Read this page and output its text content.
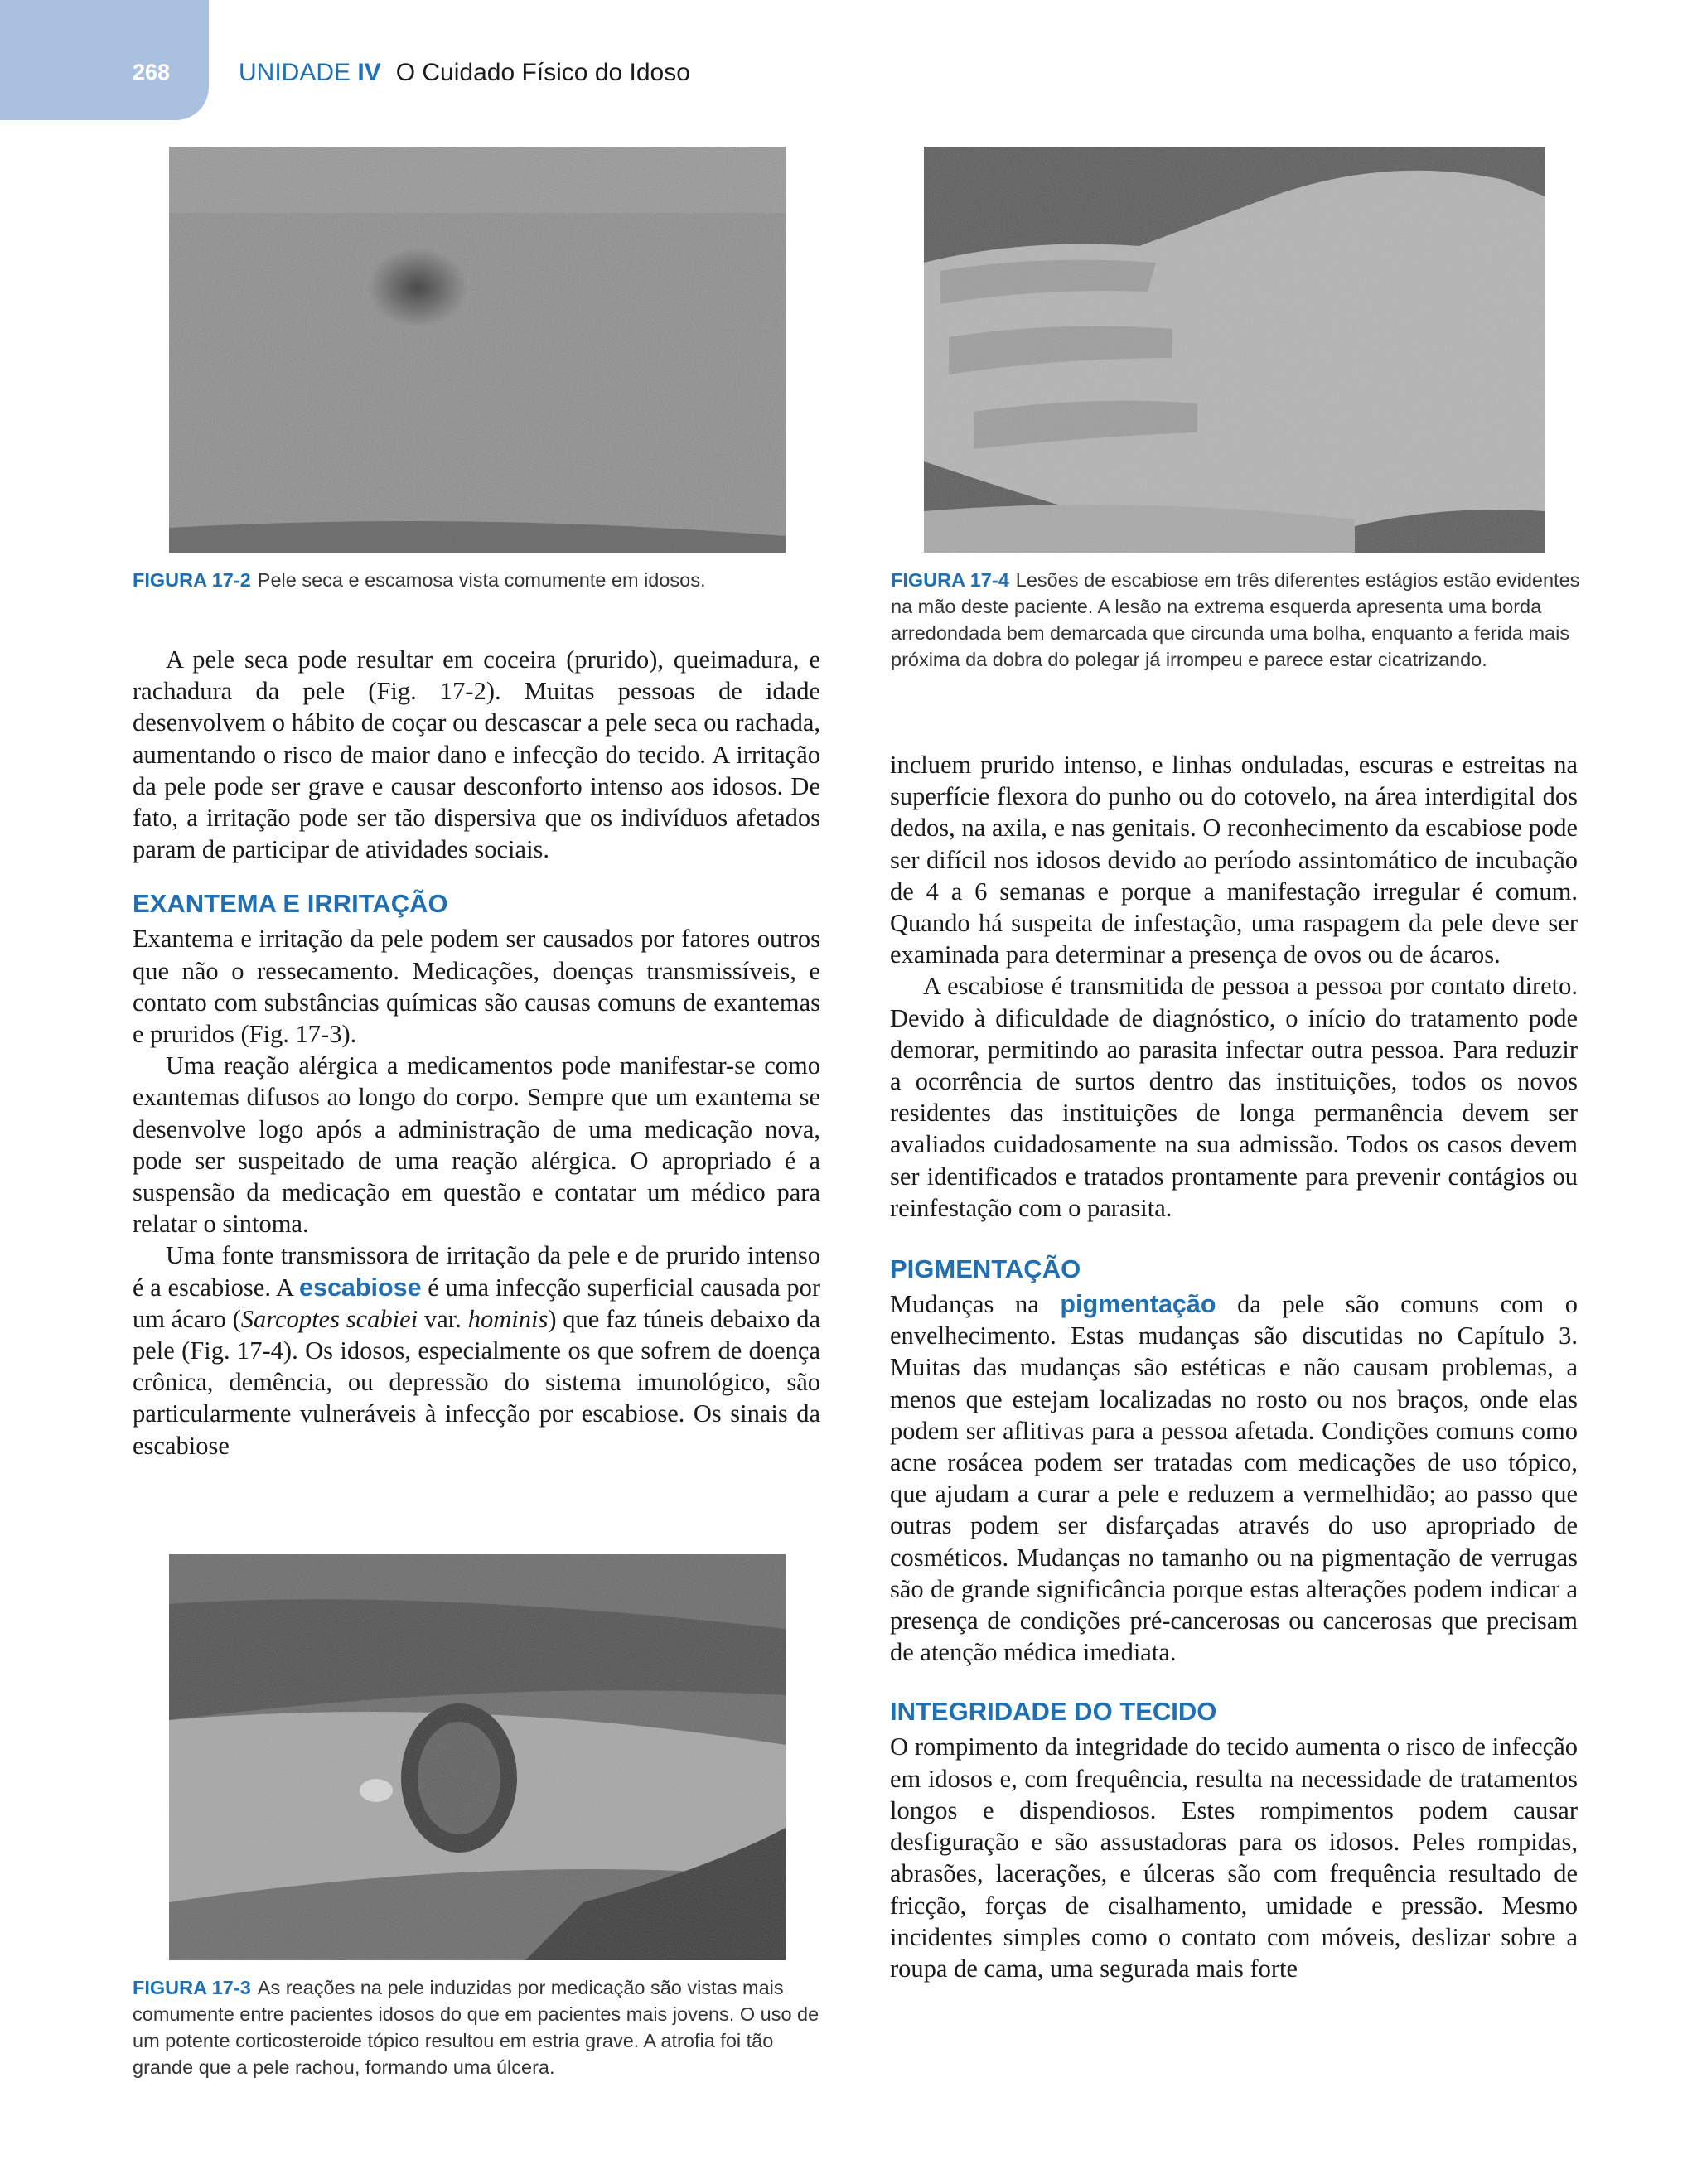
268	UNIDADE IV O Cuidado Físico do Idoso
FIGURA 17-2 Pele seca e escamosa vista comumente em idosos.	FIGURA 17-4 Lesões de escabiose em três diferentes estágios estão evidentes na mão deste paciente. A lesão na extrema esquerda apresenta uma borda arredondada bem demarcada que circunda uma bolha, enquanto a ferida mais próxima da dobra do polegar já irrompeu e parece estar cicatrizando.

A pele seca pode resultar em coceira (prurido), queimadura, e rachadura da pele (Fig. 17-2). Muitas pessoas de idade desenvolvem o hábito de coçar ou descascar a pele seca ou rachada, aumentando o risco de maior dano e infecção do tecido. A irritação da pele pode ser grave e causar desconforto intenso aos idosos. De fato, a irritação pode ser tão dispersiva que os indivíduos afetados param de participar de atividades sociais.

EXANTEMA E IRRITAÇÃO

Exantema e irritação da pele podem ser causados por fatores outros que não o ressecamento. Medicações, doenças transmissíveis, e contato com substâncias químicas são causas comuns de exantemas e pruridos (Fig. 17-3).

Uma reação alérgica a medicamentos pode manifestar-se como exantemas difusos ao longo do corpo. Sempre que um exantema se desenvolve logo após a administração de uma medicação nova, pode ser suspeitado de uma reação alérgica. O apropriado é a suspensão da medicação em questão e contatar um médico para relatar o sintoma.

Uma fonte transmissora de irritação da pele e de prurido intenso é a escabiose. A escabiose é uma infecção superficial causada por um ácaro (Sarcoptes scabiei var. hominis) que faz túneis debaixo da pele (Fig. 17-4). Os idosos, especialmente os que sofrem de doença crônica, demência, ou depressão do sistema imunológico, são particularmente vulneráveis à infecção por escabiose. Os sinais da escabiose

FIGURA 17-3 As reações na pele induzidas por medicação são vistas mais comumente entre pacientes idosos do que em pacientes mais jovens. O uso de um potente corticosteroide tópico resultou em estria grave. A atrofia foi tão grande que a pele rachou, formando uma úlcera.

incluem prurido intenso, e linhas onduladas, escuras e estreitas na superfície flexora do punho ou do cotovelo, na área interdigital dos dedos, na axila, e nas genitais. O reconhecimento da escabiose pode ser difícil nos idosos devido ao período assintomático de incubação de 4 a 6 semanas e porque a manifestação irregular é comum. Quando há suspeita de infestação, uma raspagem da pele deve ser examinada para determinar a presença de ovos ou de ácaros.

A escabiose é transmitida de pessoa a pessoa por contato direto. Devido à dificuldade de diagnóstico, o início do tratamento pode demorar, permitindo ao parasita infectar outra pessoa. Para reduzir a ocorrência de surtos dentro das instituições, todos os novos residentes das instituições de longa permanência devem ser avaliados cuidadosamente na sua admissão. Todos os casos devem ser identificados e tratados prontamente para prevenir contágios ou reinfestação com o parasita.

PIGMENTAÇÃO

Mudanças na pigmentação da pele são comuns com o envelhecimento. Estas mudanças são discutidas no Capítulo 3. Muitas das mudanças são estéticas e não causam problemas, a menos que estejam localizadas no rosto ou nos braços, onde elas podem ser aflitivas para a pessoa afetada. Condições comuns como acne rosácea podem ser tratadas com medicações de uso tópico, que ajudam a curar a pele e reduzem a vermelhidão; ao passo que outras podem ser disfarçadas através do uso apropriado de cosméticos. Mudanças no tamanho ou na pigmentação de verrugas são de grande significância porque estas alterações podem indicar a presença de condições pré-cancerosas ou cancerosas que precisam de atenção médica imediata.

INTEGRIDADE DO TECIDO

O rompimento da integridade do tecido aumenta o risco de infecção em idosos e, com frequência, resulta na necessidade de tratamentos longos e dispendiosos. Estes rompimentos podem causar desfiguração e são assustadoras para os idosos. Peles rompidas, abrasões, lacerações, e úlceras são com frequência resultado de fricção, forças de cisalhamento, umidade e pressão. Mesmo incidentes simples como o contato com móveis, deslizar sobre a roupa de cama, uma segurada mais forte
